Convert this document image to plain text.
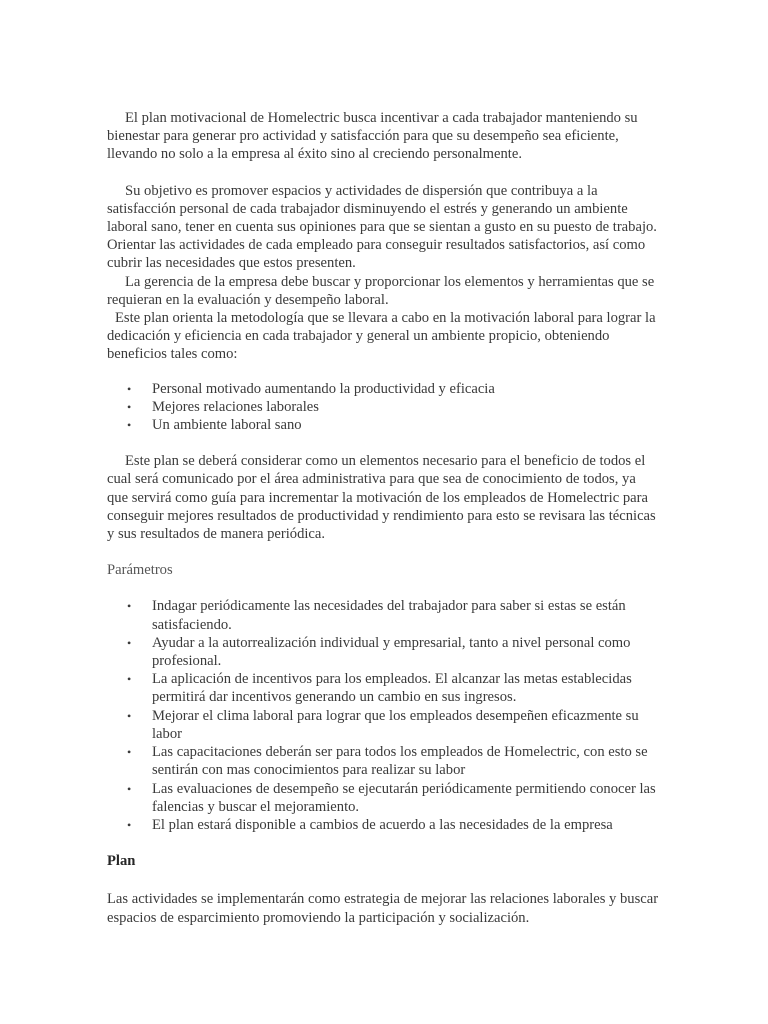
El plan motivacional de Homelectric busca incentivar a cada trabajador manteniendo su bienestar para generar pro actividad y satisfacción para que su desempeño sea eficiente, llevando no solo a la empresa al éxito sino al creciendo personalmente.

Su objetivo es promover espacios y actividades de dispersión que contribuya a la satisfacción personal de cada trabajador disminuyendo el estrés y generando un ambiente laboral sano, tener en cuenta sus opiniones para que se sientan a gusto en su puesto de trabajo. Orientar las actividades de cada empleado para conseguir resultados satisfactorios, así como cubrir las necesidades que estos presenten.

La gerencia de la empresa debe buscar y proporcionar los elementos y herramientas que se requieran en la evaluación y desempeño laboral.

Este plan orienta la metodología que se llevara a cabo en la motivación laboral para lograr la dedicación y eficiencia en cada trabajador y general un ambiente propicio, obteniendo beneficios tales como:

• Personal motivado aumentando la productividad y eficacia
• Mejores relaciones laborales
• Un ambiente laboral sano

Este plan se deberá considerar como un elementos necesario para el beneficio de todos el cual será comunicado por el área administrativa para que sea de conocimiento de todos, ya que servirá como guía para incrementar la motivación de los empleados de Homelectric para conseguir mejores resultados de productividad y rendimiento para esto se revisara las técnicas y sus resultados de manera periódica.

Parámetros

• Indagar periódicamente las necesidades del trabajador para saber si estas se están satisfaciendo.
• Ayudar a la autorrealización individual y empresarial, tanto a nivel personal como profesional.
• La aplicación de incentivos para los empleados. El alcanzar las metas establecidas permitirá dar incentivos generando un cambio en sus ingresos.
• Mejorar el clima laboral para lograr que los empleados desempeñen eficazmente su labor
• Las capacitaciones deberán ser para todos los empleados de Homelectric, con esto se sentirán con mas conocimientos para realizar su labor
• Las evaluaciones de desempeño se ejecutarán periódicamente permitiendo conocer las falencias y buscar el mejoramiento.
• El plan estará disponible a cambios de acuerdo a las necesidades de la empresa

Plan

Las actividades se implementarán como estrategia de mejorar las relaciones laborales y buscar espacios de esparcimiento promoviendo la participación y socialización.
